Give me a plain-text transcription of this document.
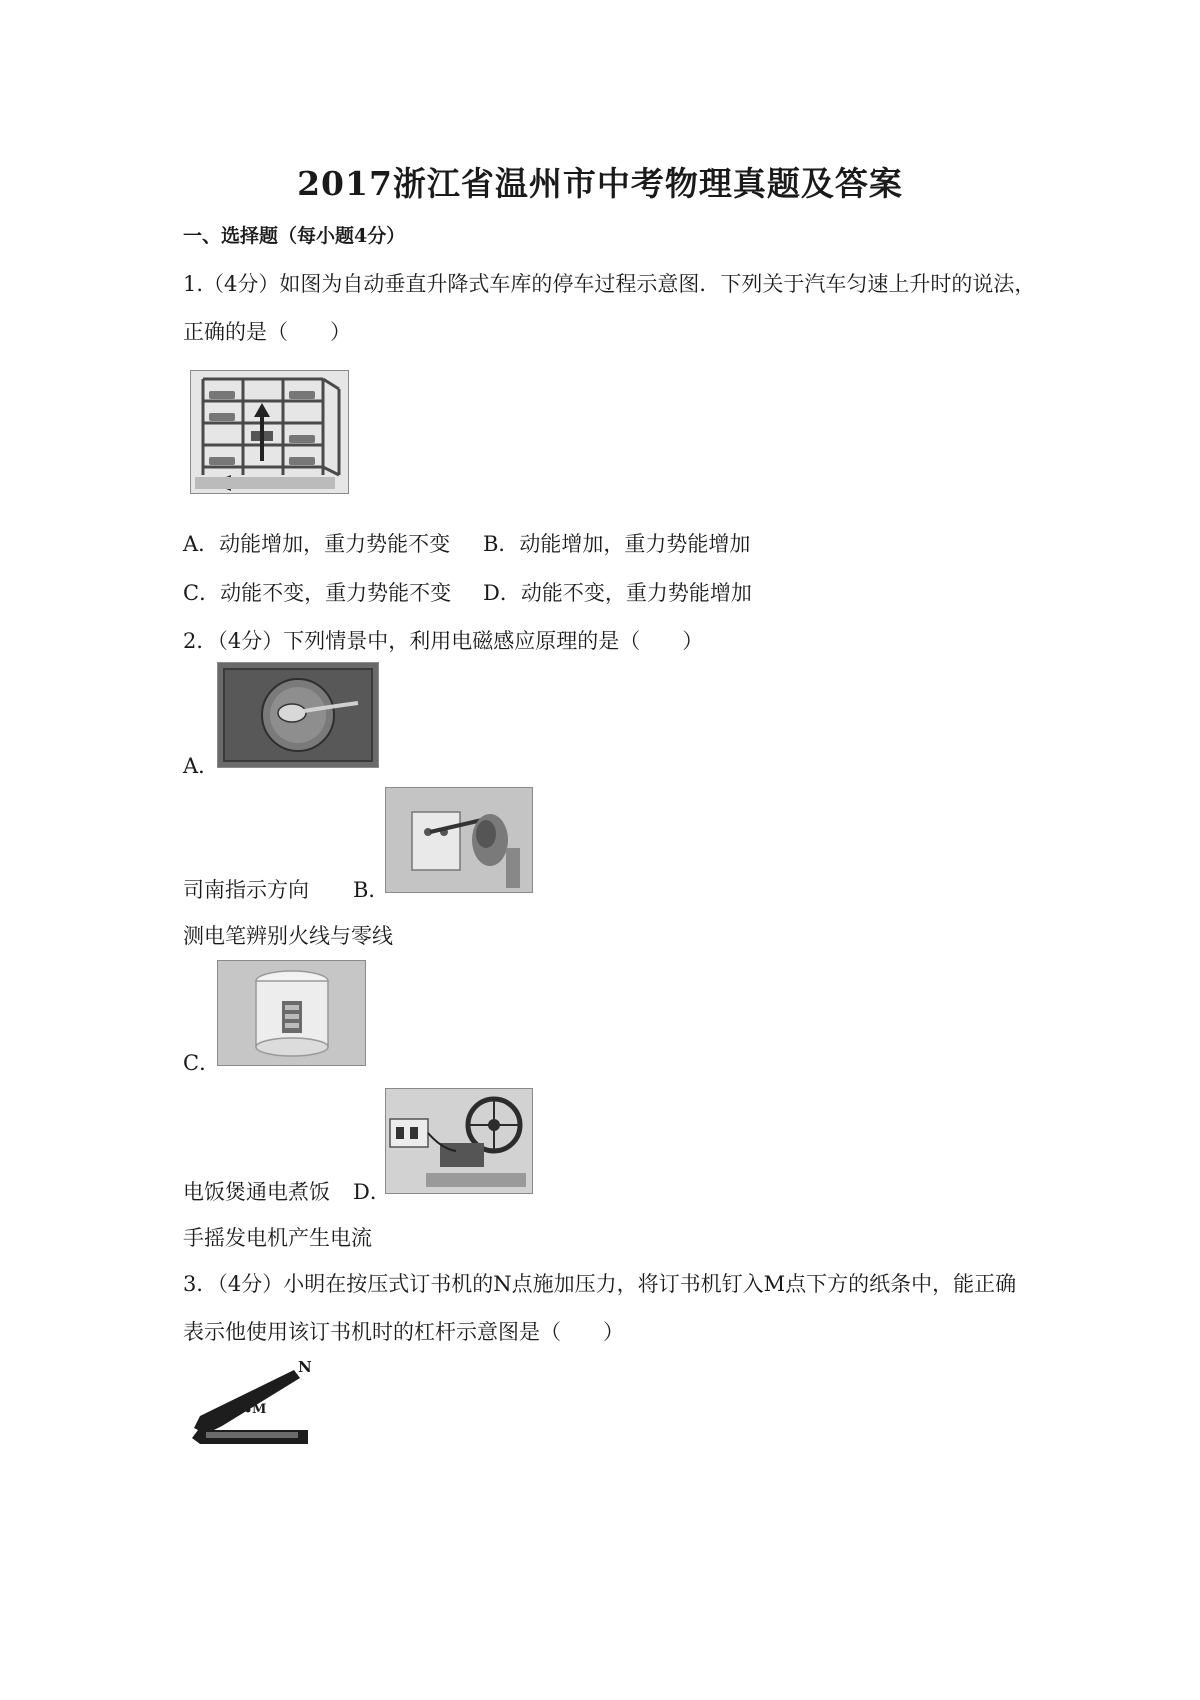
2017浙江省温州市中考物理真题及答案
一、选择题（每小题4分）
1.（4分）如图为自动垂直升降式车库的停车过程示意图．下列关于汽车匀速上升时的说法，
正确的是（　　）
A．动能增加，重力势能不变 B．动能增加，重力势能增加
C．动能不变，重力势能不变 D．动能不变，重力势能增加
2．（4分）下列情景中，利用电磁感应原理的是（　　）
A．
司南指示方向 B．
测电笔辨别火线与零线
C．
电饭煲通电煮饭 D．
手摇发电机产生电流
3．（4分）小明在按压式订书机的N点施加压力，将订书机钉入M点下方的纸条中，能正确
表示他使用该订书机时的杠杆示意图是（　　）
N
M
